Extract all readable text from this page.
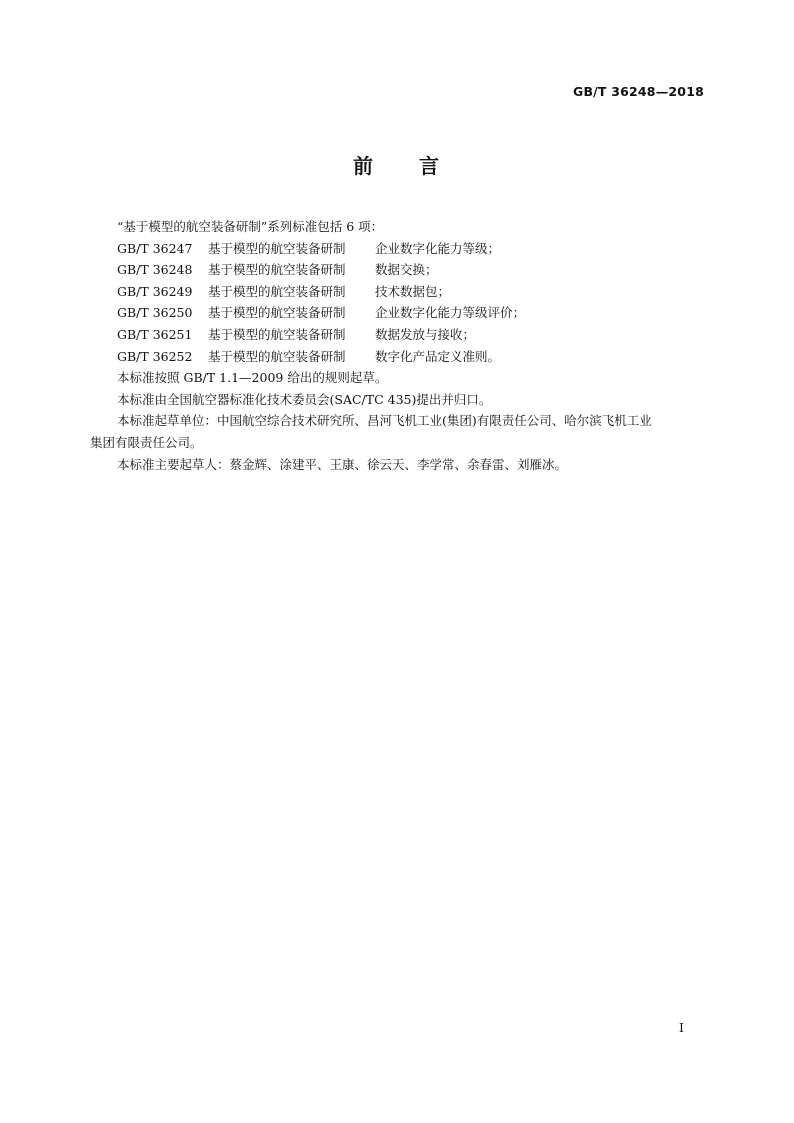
GB/T 36248—2018
前 言

“基于模型的航空装备研制”系列标准包括 6 项：

GB/T 36247 基于模型的航空装备研制 企业数字化能力等级；

GB/T 36248 基于模型的航空装备研制 数据交换；

GB/T 36249 基于模型的航空装备研制 技术数据包；

GB/T 36250 基于模型的航空装备研制 企业数字化能力等级评价；

GB/T 36251 基于模型的航空装备研制 数据发放与接收；

GB/T 36252 基于模型的航空装备研制 数字化产品定义准则。

本标准按照 GB/T 1.1—2009 给出的规则起草。

本标准由全国航空器标准化技术委员会(SAC/TC 435)提出并归口。

本标准起草单位：中国航空综合技术研究所、昌河飞机工业(集团)有限责任公司、哈尔滨飞机工业

集团有限责任公司。

本标准主要起草人：蔡金辉、涂建平、王康、徐云天、李学常、余春雷、刘雁冰。

I
